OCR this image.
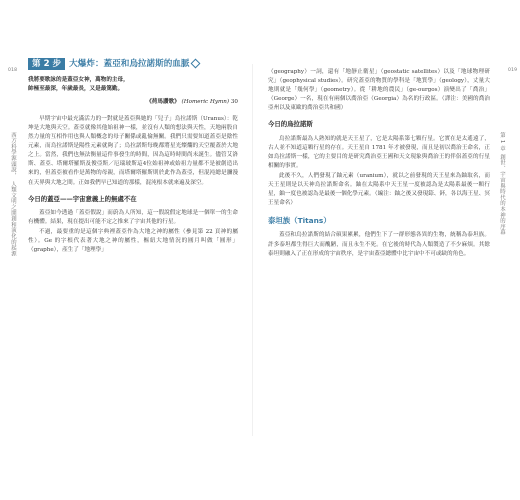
018
西方科學源頭說， 人類文明之開創和演化的起源
第 2 步 大爆炸：蓋亞和烏拉諾斯的血脈
我將要歌詠的是蓋亞女神，萬物的主母，
帥極至最深，年歲最長，又是最篤勤。
《荷馬讚歌》 (Homeric Hymn) 30

早期宇宙中最充滿活力的一對就是蓋亞與她的「兒子」烏拉諾斯（Uranus）：乾坤是大地與天空。蓋亞就像其他始祖神一樣，並沒有人類的想法與天性，天地兩股自然力量的互相作用也與人類概念的母子關係或亂倫無關。我們只需要知道蓋亞是陰性元素，而烏拉諾斯是陽性元素就夠了；烏拉諾斯每晚都將星光燦爛的天空覆蓋於大地之上。當然，我們也無法衡量這件事發生的時間，因為這時時間尚未誕生。儘管艾洛斯、蓋亞、塔爾塔羅斯及俊亞斯／厄瑞玻斯這4位始祖神或始祖力量都不是被創造出來的，但蓋亞被看作是萬物的母親，而塔爾塔羅斯則於此作為蓋亞，但混沌總是瀰漫在天界與大地之間。正如我們早已知道的那樣，混沌根本就來遍及深空。

今日的蓋亞——宇宙意義上的無處不在

蓋亞如今透過「蓋亞假說」而蔚為人所知，這一假說假定地球是一個單一的生命有機體。結果，現在提出可能不定之推來了宇宙其他的行星。

不過，最要重的是這個字典裡蓋亞作為大地之神的屬性（參見第 22 頁神的屬性）。Ge 的字根代表著大地之神的屬性，樞紐大地情況的圓月叫做「圓形」（graphe），產生了「地理學」

019
第 1 章 創世、宇宙與時代的本神的序幕

（geography）一詞，還有「地靜止衛星」（geostatic satellites）以及「地球物理研究」（geophysical studies）。研究蓋亞的物質的學科是「地質學」（geology），丈量大地則就是「幾何學」（geometry）。從「耕地的農民」（ge-ourgos）演變出了「喬治」（George）一名，現在有兩個以喬治亞（Georgia）為名的行政區。（譯注：美國的喬治亞州以及東歐的喬治亞共和國）

今日的烏拉諾斯

烏拉諾斯最為人熟知的就是天王星了，它是太陽系第七顆行星。它實在是太遙遠了，古人並不知道這顆行星的存在。天王星自 1781 年才被發現，而且是初以喬治王命名，正如烏拉諾斯一樣，它的主要目的是研究喬治亞王國和天文現象與喬治王的伴侶蓋亞的行星相關的事實。

此後不久，人們發現了鈾元素（uranium），就以之前發現的天王星來為鈾取名，而天王星則是以天神烏拉諾斯命名。鈾在太陽系中天王星一度被認為是太陽系最後一顆行星，鈾一度也被認為是最後一個化學元素。（編注：鈾之後又發現錼、鈈，各以海王星、冥王星命名）

泰坦族（Titans）

蓋亞和烏拉諾斯的結合碩果累累，他們生下了一群形態各異的生物，統稱為泰坦族。許多泰坦都生得巨大而醜陋，而且永生不死。在它後的時代為人類製造了不少麻煩。其餘泰坦則融入了正在形成的宇宙秩序，是宇宙蓋亞總體中比宇宙中不可或缺的角色。
